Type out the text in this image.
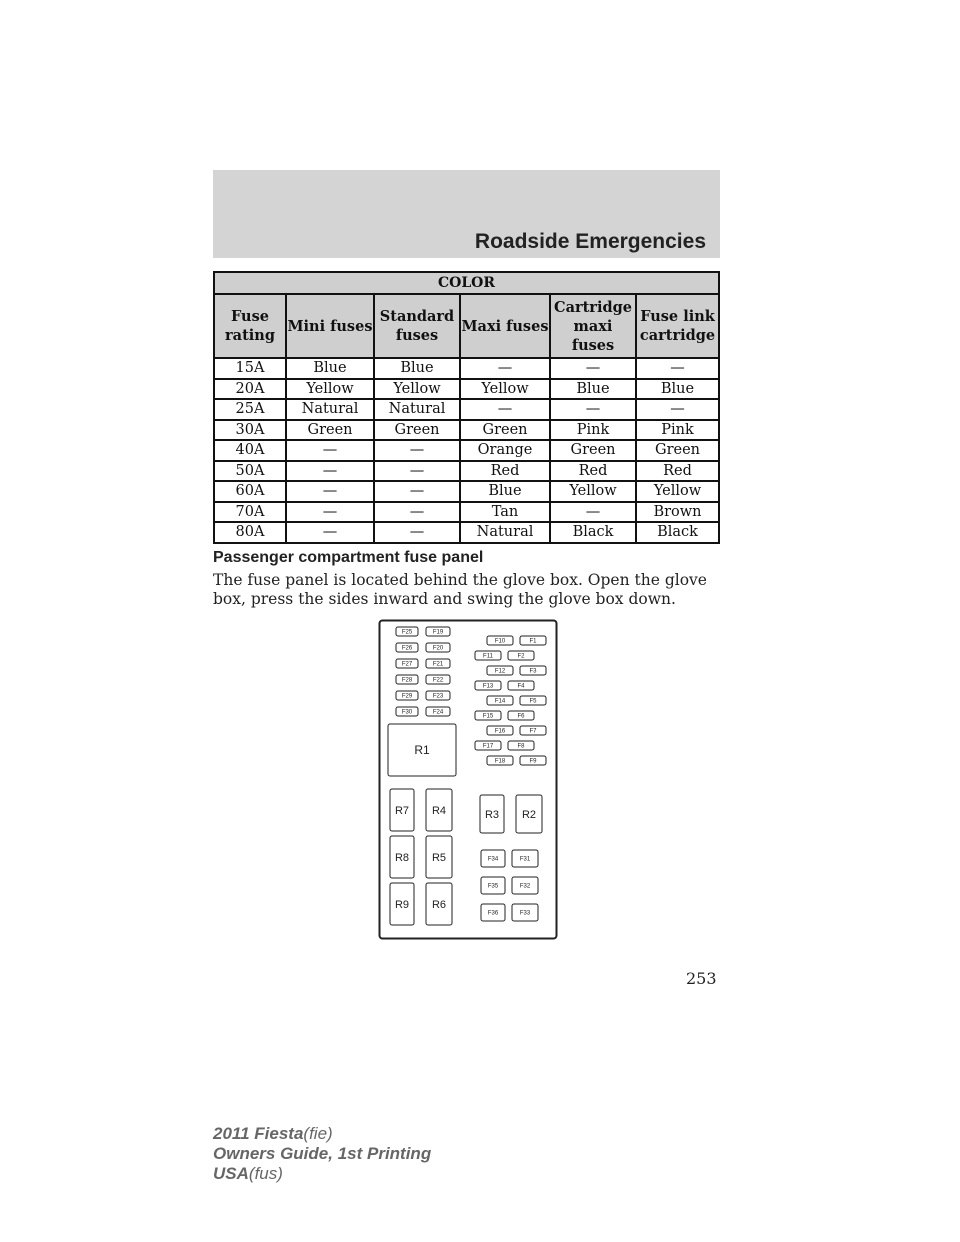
Roadside Emergencies
COLOR					
Fuse rating	Mini fuses	Standard fuses	Maxi fuses	Cartridge maxi fuses	Fuse link cartridge
15A	Blue	Blue	—	—	—
20A	Yellow	Yellow	Yellow	Blue	Blue
25A	Natural	Natural	—	—	—
30A	Green	Green	Green	Pink	Pink
40A	—	—	Orange	Green	Green
50A	—	—	Red	Red	Red
60A	—	—	Blue	Yellow	Yellow
70A	—	—	Tan	—	Brown
80A	—	—	Natural	Black	Black
Passenger compartment fuse panel

The fuse panel is located behind the glove box. Open the glove box, press the sides inward and swing the glove box down.

F25	F19
F26	F20
F27	F21
F28	F22
F29	F23
F30	F24
F10	F1
F11	F2
F12	F3
F13	F4
F14	F5
F15	F6
F16	F7
F17	F8
F18	F9
R1
R7 R4	R3 R2
R8 R5
R9 R6
F34	F31
F35	F32
F36	F33
253
2011 Fiesta(fie)
Owners Guide, 1st Printing
USA(fus)
